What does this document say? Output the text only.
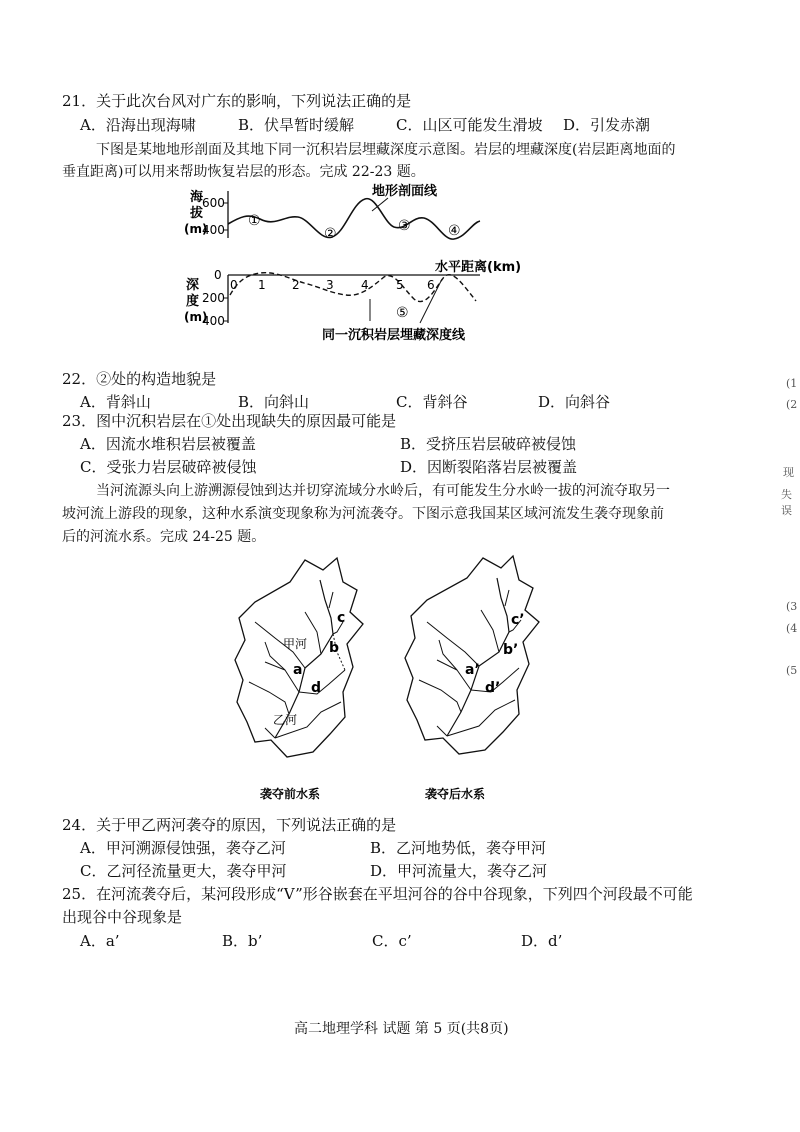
21．关于此次台风对广东的影响，下列说法正确的是
A．沿海出现海啸	B．伏旱暂时缓解	C．山区可能发生滑坡 D．引发赤潮
下图是某地地形剖面及其地下同一沉积岩层埋藏深度示意图。岩层的埋藏深度(岩层距离地面的
垂直距离)可以用来帮助恢复岩层的形态。完成 22-23 题。
海
拔
(m)
600
400
①
②	③	④
地形剖面线
0
200
400
深
度
(m)
0 1 2 3 4 5 6
水平距离(km)
⑤
同一沉积岩层埋藏深度线
22．②处的构造地貌是
A．背斜山	B．向斜山	C．背斜谷	D．向斜谷
23．图中沉积岩层在①处出现缺失的原因最可能是
A．因流水堆积岩层被覆盖	B．受挤压岩层破碎被侵蚀
C．受张力岩层破碎被侵蚀	D．因断裂陷落岩层被覆盖
当河流源头向上游溯源侵蚀到达并切穿流域分水岭后，有可能发生分水岭一拔的河流夺取另一
坡河流上游段的现象，这种水系演变现象称为河流袭夺。下图示意我国某区域河流发生袭夺现象前
后的河流水系。完成 24-25 题。
甲河
乙河
a
b
c
d
袭夺前水系
a’
b’
c’
d’
袭夺后水系
24．关于甲乙两河袭夺的原因，下列说法正确的是
A．甲河溯源侵蚀强，袭夺乙河	B．乙河地势低，袭夺甲河
C．乙河径流量更大，袭夺甲河	D．甲河流量大，袭夺乙河
25．在河流袭夺后，某河段形成“V”形谷嵌套在平坦河谷的谷中谷现象，下列四个河段最不可能
出现谷中谷现象是
A．a’	B．b’	C．c’	D．d’
高二地理学科 试题 第 5 页(共8页)
现
失误
(1
(2
(3
(4
(5
